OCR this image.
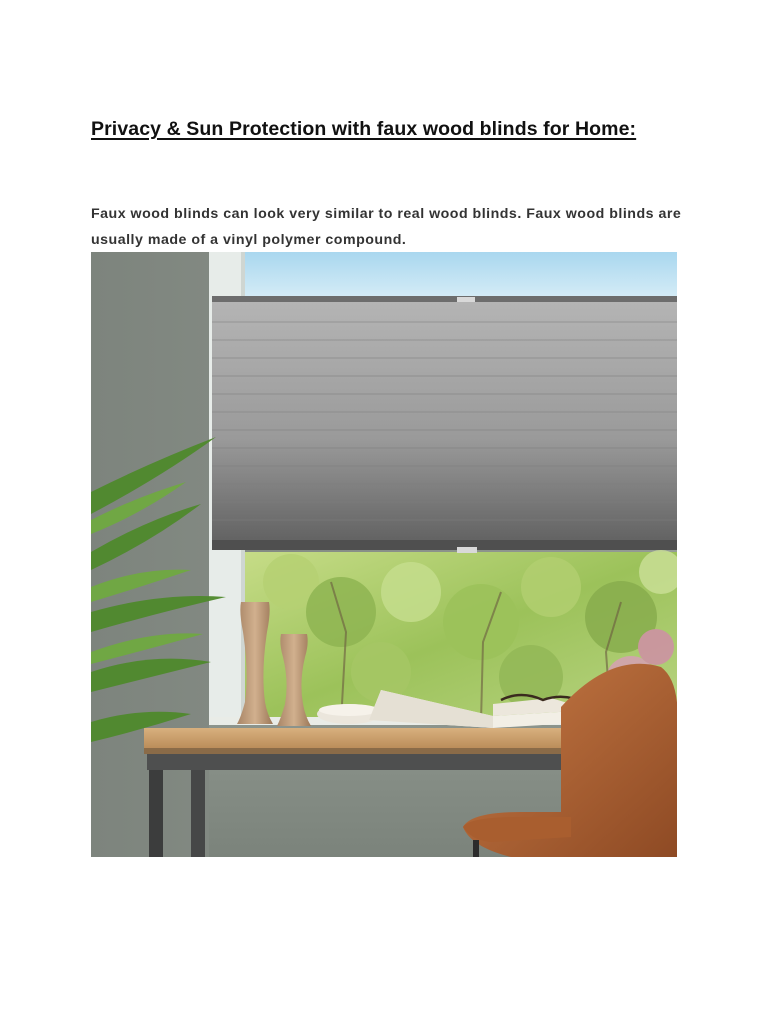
Privacy & Sun Protection with faux wood blinds for Home:

Faux wood blinds can look very similar to real wood blinds. Faux wood blinds are usually made of a vinyl polymer compound.
